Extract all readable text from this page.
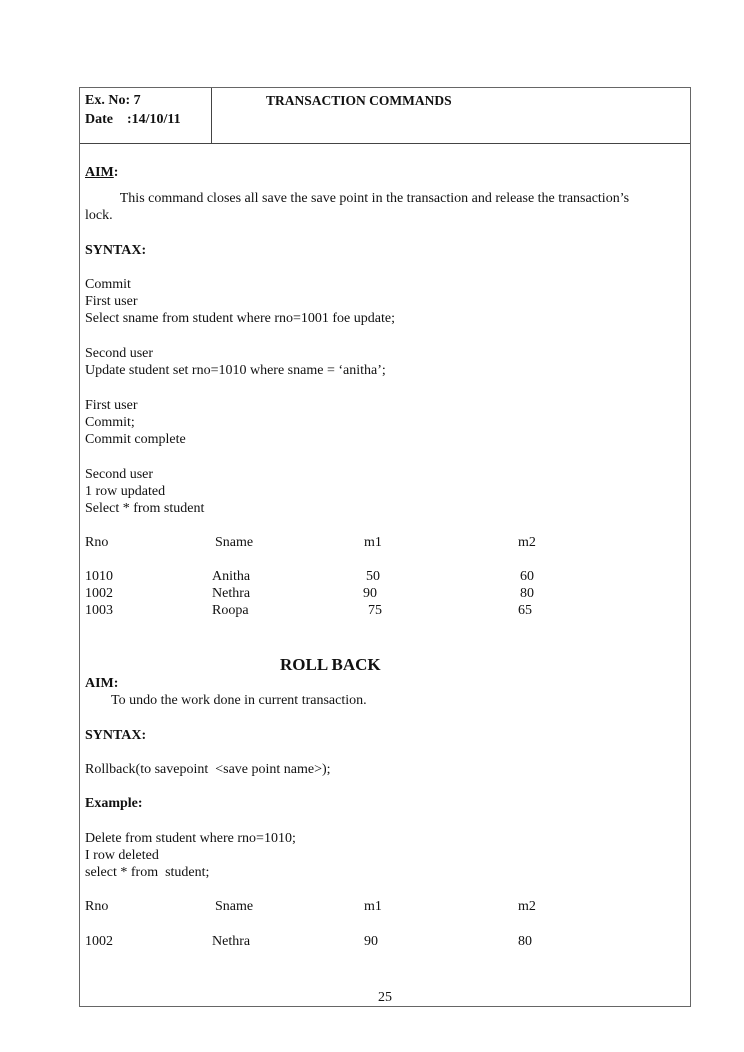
Ex. No: 7
Date    :14/10/11
TRANSACTION COMMANDS
AIM:
This command closes all save the save point in the transaction and release the transaction’s
lock.
SYNTAX:
Commit
First user
Select sname from student where rno=1001 foe update;
Second user
Update student set rno=1010 where sname = ‘anitha’;
First user
Commit;
Commit complete
Second user
1 row updated
Select * from student
Rno	Sname	m1	m2
1010	Anitha	50	60
1002	Nethra	90	80
1003	Roopa	75	65
ROLL BACK
AIM:
To undo the work done in current transaction.
SYNTAX:
Rollback(to savepoint  <save point name>);
Example:
Delete from student where rno=1010;
I row deleted
select * from  student;
Rno	Sname	m1	m2
1002	Nethra	90	80
25
